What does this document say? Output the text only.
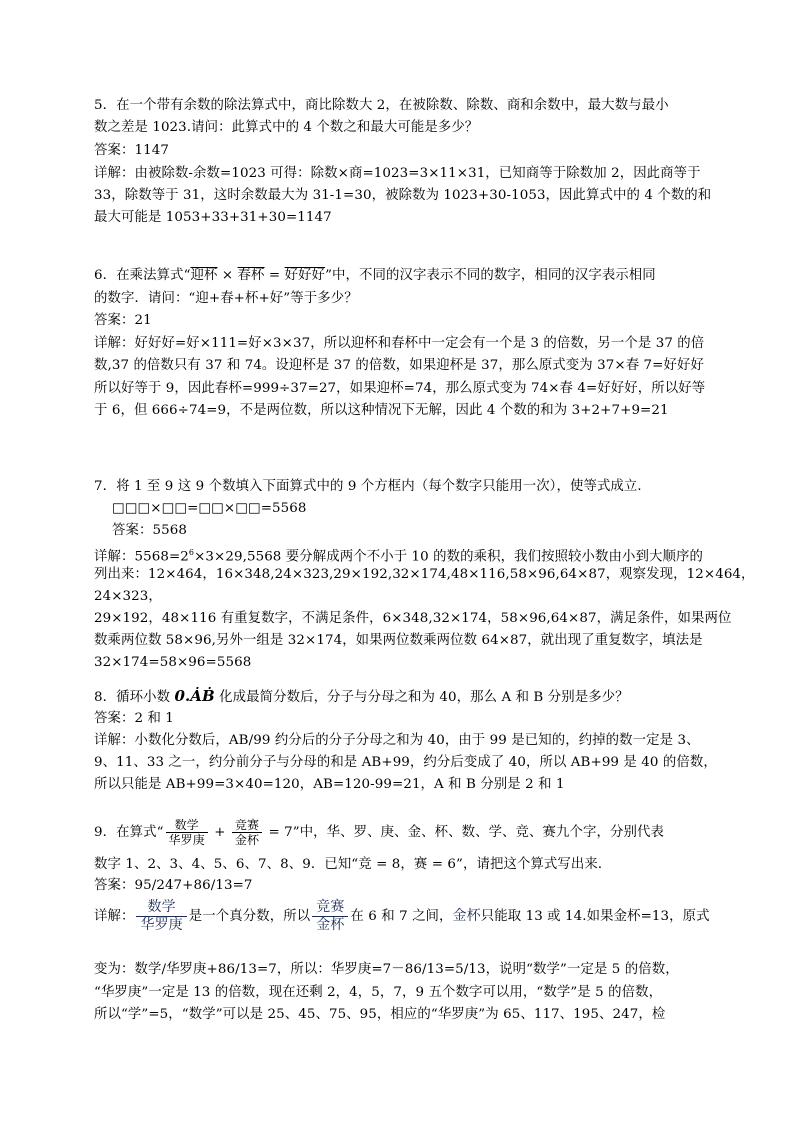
5．在一个带有余数的除法算式中，商比除数大 2，在被除数、除数、商和余数中，最大数与最小
数之差是 1023.请问：此算式中的 4 个数之和最大可能是多少？
答案：1147
详解：由被除数-余数=1023 可得：除数×商=1023=3×11×31，已知商等于除数加 2，因此商等于
33，除数等于 31，这时余数最大为 31-1=30，被除数为 1023+30-1053，因此算式中的 4 个数的和
最大可能是 1053+33+31+30=1147
6．在乘法算式“迎杯 × 春杯 = 好好好”中，不同的汉字表示不同的数字，相同的汉字表示相同
的数字．请问：“迎+春+杯+好”等于多少？
答案：21
详解：好好好=好×111=好×3×37，所以迎杯和春杯中一定会有一个是 3 的倍数，另一个是 37 的倍
数,37 的倍数只有 37 和 74。设迎杯是 37 的倍数，如果迎杯是 37，那么原式变为 37×春 7=好好好
所以好等于 9，因此春杯=999÷37=27，如果迎杯=74，那么原式变为 74×春 4=好好好，所以好等
于 6，但 666÷74=9，不是两位数，所以这种情况下无解，因此 4 个数的和为 3+2+7+9=21
7．将 1 至 9 这 9 个数填入下面算式中的 9 个方框内（每个数字只能用一次），使等式成立．
□□□×□□=□□×□□=5568
答案：5568
详解：$5568=2^6\times 3\times 29,5568$ 要分解成两个不小于 10 的数的乘积，我们按照较小数由小到大顺序的
列出来：12×464，16×348,24×323,29×192,32×174,48×116,58×96,64×87，观察发现，12×464，
24×323，
29×192，48×116 有重复数字，不满足条件，6×348,32×174，58×96,64×87，满足条件，如果两位
数乘两位数 58×96,另外一组是 32×174，如果两位数乘两位数 64×87，就出现了重复数字，填法是
32×174=58×96=5568
8．循环小数 0.ȦḂ 化成最简分数后，分子与分母之和为 40，那么 A 和 B 分别是多少？
答案：2 和 1
详解：小数化分数后，AB/99 约分后的分子分母之和为 40，由于 99 是已知的，约掉的数一定是 3、
9、11、33 之一，约分前分子与分母的和是 AB+99，约分后变成了 40，所以 AB+99 是 40 的倍数，
所以只能是 AB+99=3×40=120，AB=120-99=21，A 和 B 分别是 2 和 1
9．在算式“ $\frac{\text{数学}}{\text{华罗庚}} + \frac{\text{竞赛}}{\text{金杯}} = 7$”中，华、罗、庚、金、杯、数、学、竞、赛九个字，分别代表
数字 1、2、3、4、5、6、7、8、9．已知“竞 = 8，赛 = 6”，请把这个算式写出来．
答案：95/247+86/13=7
详解： $\frac{\text{数学}}{\text{华罗庚}}$ 是一个真分数，所以 $\frac{\text{竞赛}}{\text{金杯}}$ 在 6 和 7 之间，金杯只能取 13 或 14.如果金杯=13，原式
变为：数学/华罗庚+86/13=7，所以：华罗庚=7－86/13=5/13，说明“数学”一定是 5 的倍数，
“华罗庚”一定是 13 的倍数，现在还剩 2，4，5，7，9 五个数字可以用，“数学”是 5 的倍数，
所以“学”=5，“数学”可以是 25、45、75、95，相应的“华罗庚”为 65、117、195、247，检
